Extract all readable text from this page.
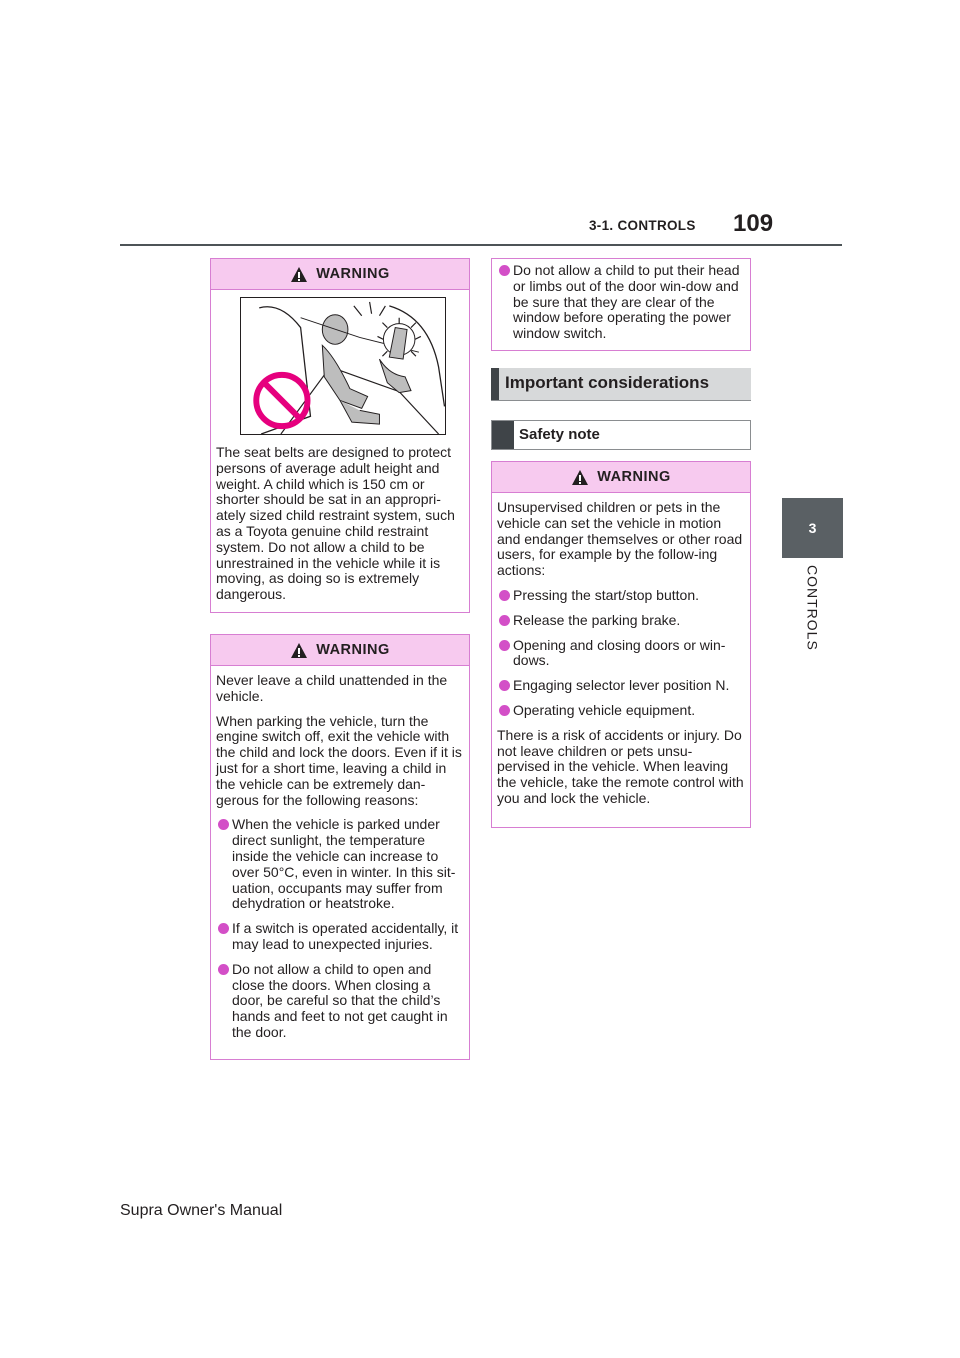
3-1. CONTROLS 109
3
CONTROLS
WARNING

The seat belts are designed to protect persons of average adult height and weight. A child which is 150 cm or shorter should be sat in an appropri-ately sized child restraint system, such as a Toyota genuine child restraint system. Do not allow a child to be unrestrained in the vehicle while it is moving, as doing so is extremely dangerous.

WARNING

Never leave a child unattended in the vehicle.

When parking the vehicle, turn the engine switch off, exit the vehicle with the child and lock the doors. Even if it is just for a short time, leaving a child in the vehicle can be extremely dan-gerous for the following reasons:

When the vehicle is parked under direct sunlight, the temperature inside the vehicle can increase to over 50°C, even in winter. In this sit-uation, occupants may suffer from dehydration or heatstroke.
If a switch is operated accidentally, it may lead to unexpected injuries.
Do not allow a child to open and close the doors. When closing a door, be careful so that the child’s hands and feet to not get caught in the door.
Do not allow a child to put their head or limbs out of the door win-dow and be sure that they are clear of the window before operating the power window switch.
Important considerations
Safety note
WARNING

Unsupervised children or pets in the vehicle can set the vehicle in motion and endanger themselves or other road users, for example by the follow-ing actions:

Pressing the start/stop button.
Release the parking brake.
Opening and closing doors or win-dows.
Engaging selector lever position N.
Operating vehicle equipment.

There is a risk of accidents or injury. Do not leave children or pets unsu-pervised in the vehicle. When leaving the vehicle, take the remote control with you and lock the vehicle.

Supra Owner's Manual
